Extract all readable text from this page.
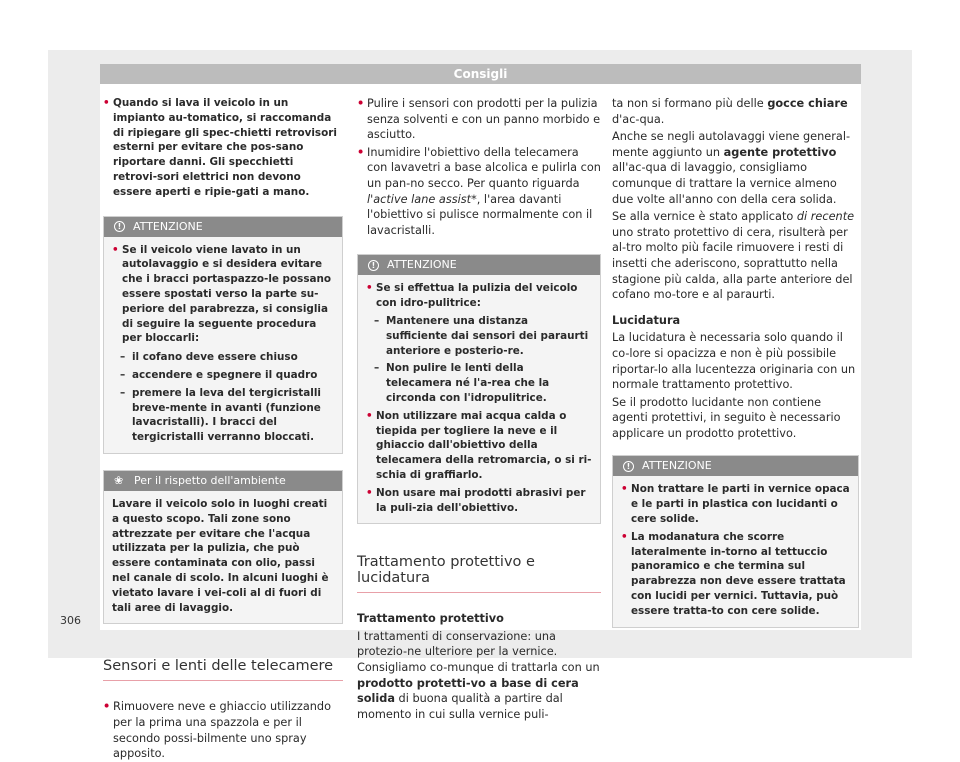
Consigli
306
• Quando si lava il veicolo in un impianto au-tomatico, si raccomanda di ripiegare gli spec-chietti retrovisori esterni per evitare che pos-sano riportare danni. Gli specchietti retrovi-sori elettrici non devono essere aperti e ripie-gati a mano.
!	ATTENZIONE
• Se il veicolo viene lavato in un autolavaggio e si desidera evitare che i bracci portaspazzo-le possano essere spostati verso la parte su-periore del parabrezza, si consiglia di seguire la seguente procedura per bloccarli:
– il cofano deve essere chiuso
– accendere e spegnere il quadro
– premere la leva del tergicristalli breve-mente in avanti (funzione lavacristalli). I bracci del tergicristalli verranno bloccati.
❀ Per il rispetto dell'ambiente
Lavare il veicolo solo in luoghi creati a questo scopo. Tali zone sono attrezzate per evitare che l'acqua utilizzata per la pulizia, che può essere contaminata con olio, passi nel canale di scolo. In alcuni luoghi è vietato lavare i vei-coli al di fuori di tali aree di lavaggio.
Sensori e lenti delle telecamere
• Rimuovere neve e ghiaccio utilizzando per la prima una spazzola e per il secondo possi-bilmente uno spray apposito.
• Pulire i sensori con prodotti per la pulizia senza solventi e con un panno morbido e asciutto.
• Inumidire l'obiettivo della telecamera con lavavetri a base alcolica e pulirla con un pan-no secco. Per quanto riguarda l'active lane assist*, l'area davanti l'obiettivo si pulisce normalmente con il lavacristalli.
!	ATTENZIONE
• Se si effettua la pulizia del veicolo con idro-pulitrice:
– Mantenere una distanza sufficiente dai sensori dei paraurti anteriore e posterio-re.
– Non pulire le lenti della telecamera né l'a-rea che la circonda con l'idropulitrice.
• Non utilizzare mai acqua calda o tiepida per togliere la neve e il ghiaccio dall'obiettivo della telecamera della retromarcia, o si ri-schia di graffiarlo.
• Non usare mai prodotti abrasivi per la puli-zia dell'obiettivo.
Trattamento protettivo e lucidatura
Trattamento protettivo
I trattamenti di conservazione: una protezio-ne ulteriore per la vernice. Consigliamo co-munque di trattarla con un prodotto protetti-vo a base di cera solida di buona qualità a partire dal momento in cui sulla vernice puli-
ta non si formano più delle gocce chiare d'ac-qua.
Anche se negli autolavaggi viene general-mente aggiunto un agente protettivo all'ac-qua di lavaggio, consigliamo comunque di trattare la vernice almeno due volte all'anno con della cera solida.
Se alla vernice è stato applicato di recente uno strato protettivo di cera, risulterà per al-tro molto più facile rimuovere i resti di insetti che aderiscono, soprattutto nella stagione più calda, alla parte anteriore del cofano mo-tore e al paraurti.
Lucidatura
La lucidatura è necessaria solo quando il co-lore si opacizza e non è più possibile riportar-lo alla lucentezza originaria con un normale trattamento protettivo.
Se il prodotto lucidante non contiene agenti protettivi, in seguito è necessario applicare un prodotto protettivo.
!	ATTENZIONE
• Non trattare le parti in vernice opaca e le parti in plastica con lucidanti o cere solide.
• La modanatura che scorre lateralmente in-torno al tettuccio panoramico e che termina sul parabrezza non deve essere trattata con lucidi per vernici. Tuttavia, può essere tratta-to con cere solide.
